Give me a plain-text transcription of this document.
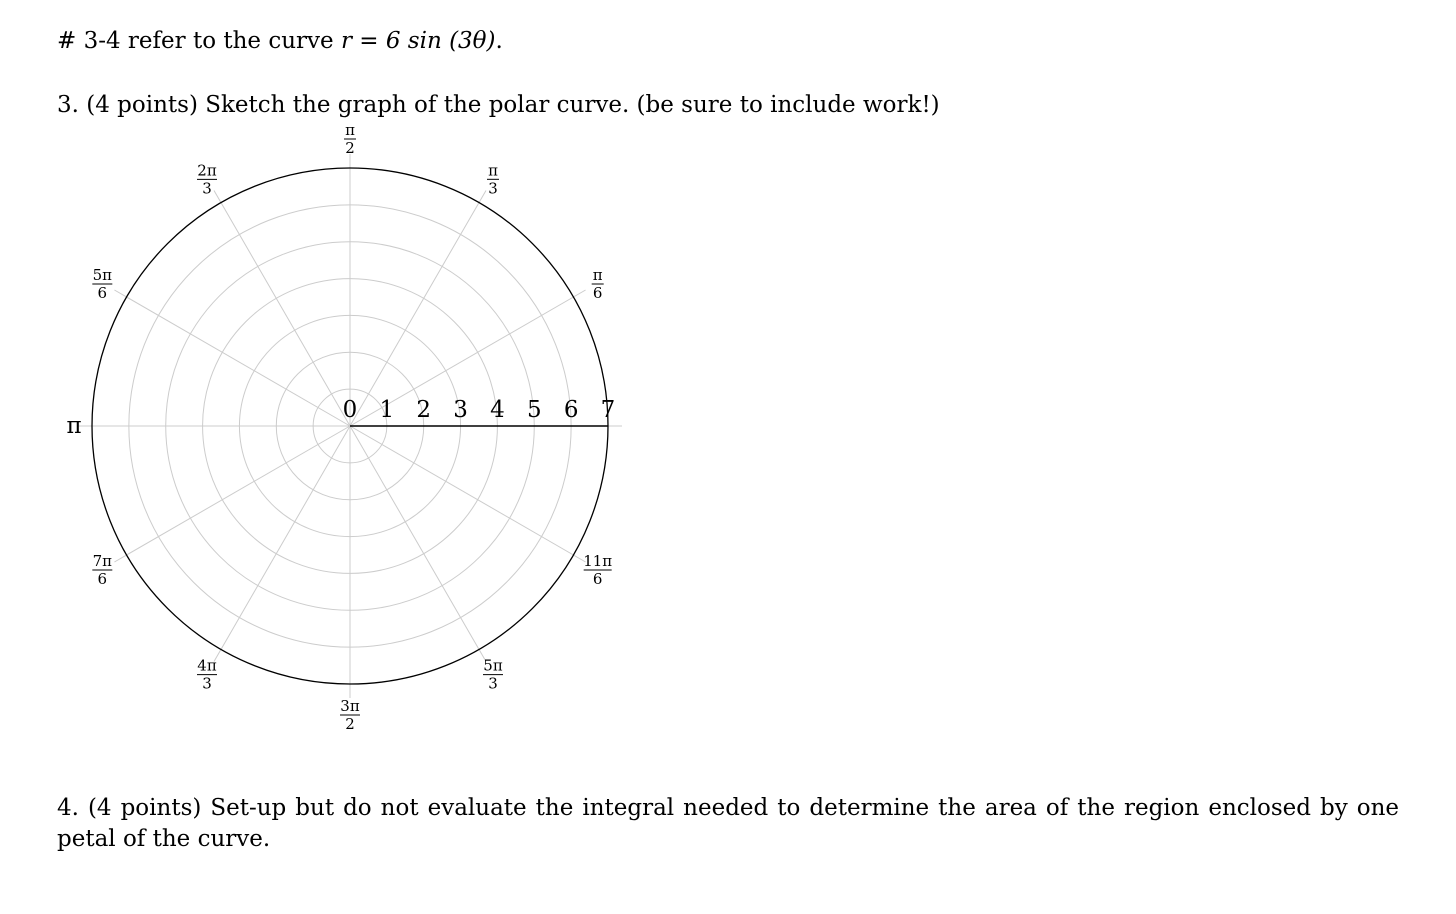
# 3-4 refer to the curve r = 6 sin (3θ).
3. (4 points) Sketch the graph of the polar curve. (be sure to include work!)
0 1 2 3 4 5 6 7
π
6
π
3
π
2
2π
3
5π
6
π
7π
6
4π
3
3π
2
5π
3
11π
6
4. (4 points) Set-up but do not evaluate the integral needed to determine the area of the region enclosed by one petal of the curve.
